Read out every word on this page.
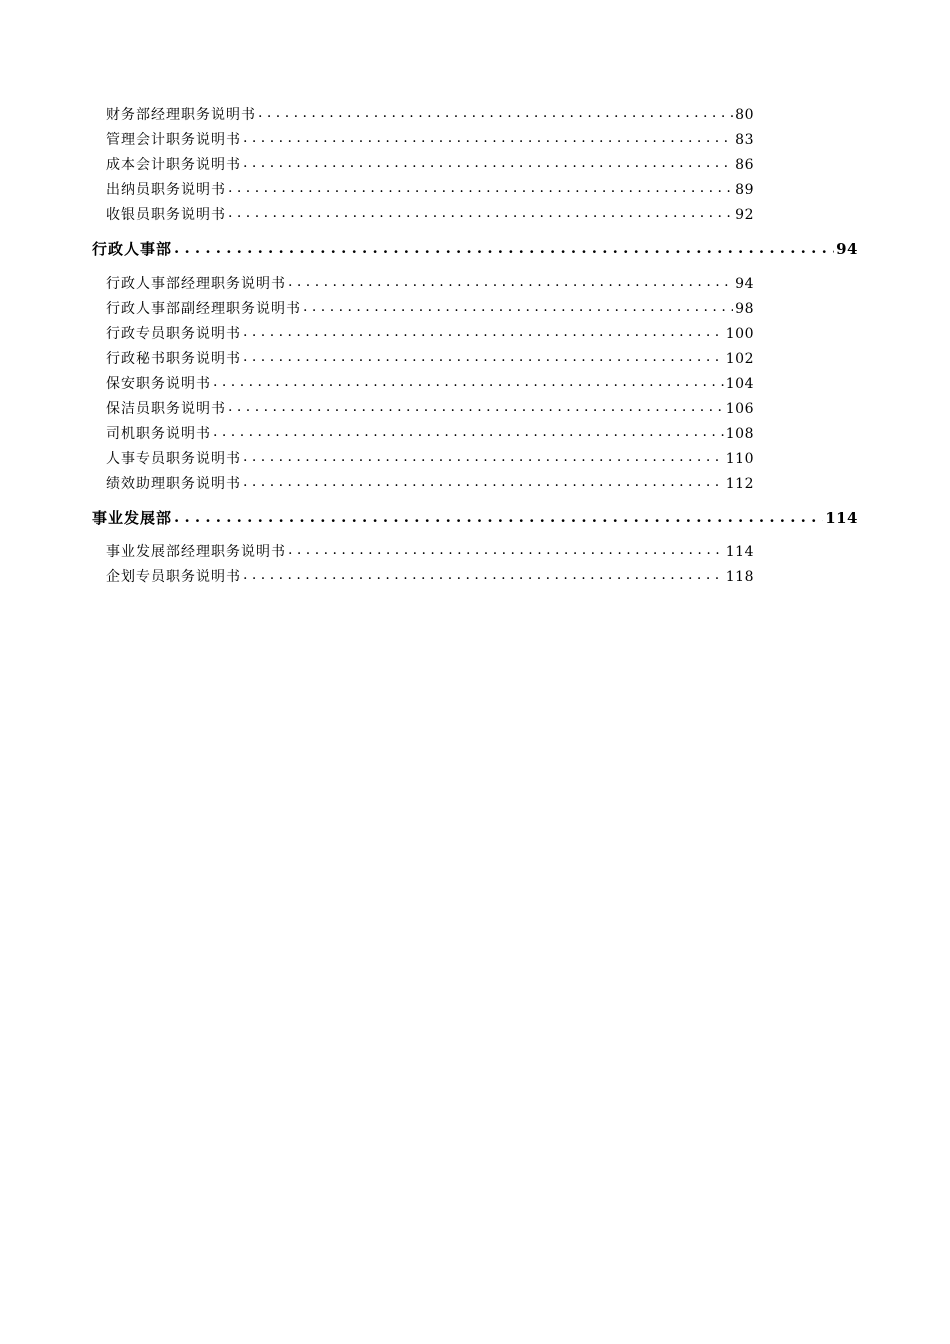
财务部经理职务说明书 . . .	80
管理会计职务说明书 . . .	83
成本会计职务说明书 . . .	86
出纳员职务说明书 . . .	89
收银员职务说明书 . . .	92
行政人事部 . . .	94
行政人事部经理职务说明书 . . .	94
行政人事部副经理职务说明书 . . .	98
行政专员职务说明书 . . .	100
行政秘书职务说明书 . . .	102
保安职务说明书 . . .	104
保洁员职务说明书 . . .	106
司机职务说明书 . . .	108
人事专员职务说明书 . . .	110
绩效助理职务说明书 . . .	112
事业发展部 . . .	114
事业发展部经理职务说明书 . . .	114
企划专员职务说明书 . . .	118
